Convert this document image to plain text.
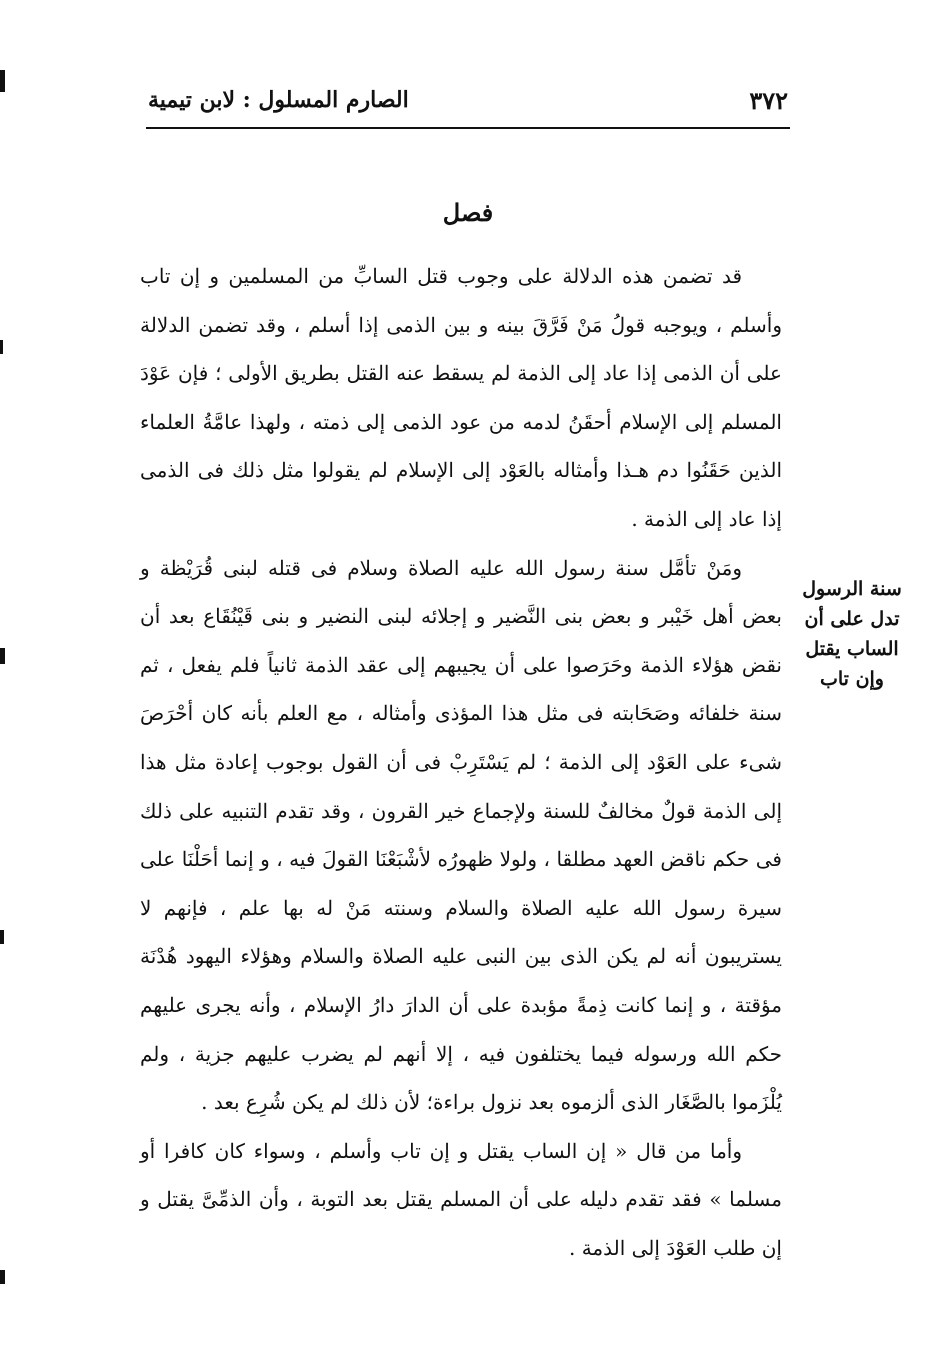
٣٧٢
الصارم المسلول : لابن تيمية
فصل

قد تضمن هذه الدلالة على وجوب قتل السابِّ من المسلمين و إن تاب وأسلم ، ويوجبه قولُ مَنْ فَرَّقَ بينه و بين الذمى إذا أسلم ، وقد تضمن الدلالة على أن الذمى إذا عاد إلى الذمة لم يسقط عنه القتل بطريق الأولى ؛ فإن عَوْدَ المسلم إلى الإسلام أحقَنُ لدمه من عود الذمى إلى ذمته ، ولهذا عامَّةُ العلماء الذين حَقَنُوا دم هـذا وأمثاله بالعَوْد إلى الإسلام لم يقولوا مثل ذلك فى الذمى إذا عاد إلى الذمة .

ومَنْ تأمَّل سنة رسول الله عليه الصلاة وسلام فى قتله لبنى قُرَيْظة و بعض أهل خَيْبر و بعض بنى النَّضير و إجلائه لبنى النضير و بنى قَيْنُقَاع بعد أن نقض هؤلاء الذمة وحَرَصوا على أن يجيبهم إلى عقد الذمة ثانياً فلم يفعل ، ثم سنة خلفائه وصَحَابته فى مثل هذا المؤذى وأمثاله ، مع العلم بأنه كان أحْرَصَ شىء على العَوْد إلى الذمة ؛ لم يَسْتَرِبْ فى أن القول بوجوب إعادة مثل هذا إلى الذمة قولٌ مخالفٌ للسنة ولإجماع خير القرون ، وقد تقدم التنبيه على ذلك فى حكم ناقض العهد مطلقا ، ولولا ظهورُه لأشْبَعْنَا القولَ فيه ، و إنما أحَلْنَا على سيرة رسول الله عليه الصلاة والسلام وسنته مَنْ له بها علم ، فإنهم لا يستريبون أنه لم يكن الذى بين النبى عليه الصلاة والسلام وهؤلاء اليهود هُدْنَة مؤقتة ، و إنما كانت ذِمةً مؤبدة على أن الدارَ دارُ الإسلام ، وأنه يجرى عليهم حكم الله ورسوله فيما يختلفون فيه ، إلا أنهم لم يضرب عليهم جزية ، ولم يُلْزَموا بالصَّغَار الذى ألزموه بعد نزول براءة؛ لأن ذلك لم يكن شُرِع بعد .

وأما من قال « إن الساب يقتل و إن تاب وأسلم ، وسواء كان كافرا أو مسلما » فقد تقدم دليله على أن المسلم يقتل بعد التوبة ، وأن الذمِّىَّ يقتل و إن طلب العَوْدَ إلى الذمة .

سنة الرسول
تدل على أن
الساب يقتل
وإن تاب
